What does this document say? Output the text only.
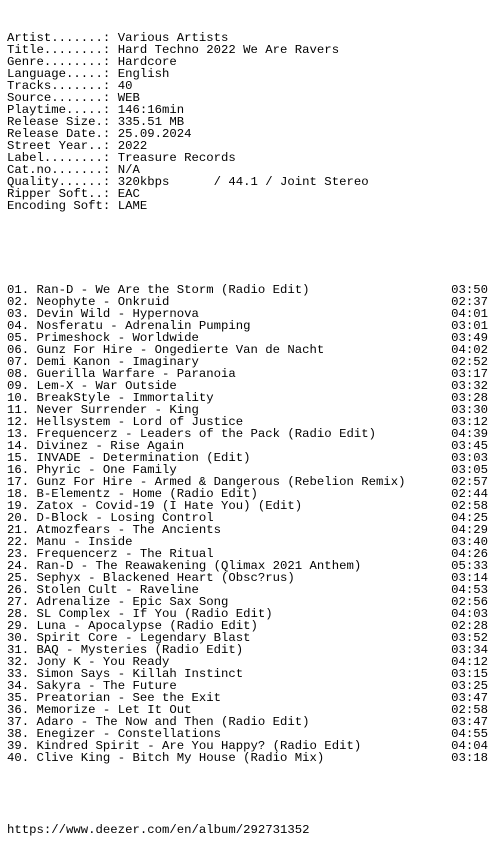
Artist.......: Various Artists
Title........: Hard Techno 2022 We Are Ravers
Genre........: Hardcore
Language.....: English
Tracks.......: 40
Source.......: WEB
Playtime.....: 146:16min
Release Size.: 335.51 MB
Release Date.: 25.09.2024
Street Year..: 2022
Label........: Treasure Records
Cat.no.......: N/A
Quality......: 320kbps      / 44.1 / Joint Stereo
Ripper Soft..: EAC
Encoding Soft: LAME

01. Ran-D - We Are the Storm (Radio Edit)	03:50
02. Neophyte - Onkruid	02:37
03. Devin Wild - Hypernova	04:01
04. Nosferatu - Adrenalin Pumping	03:01
05. Primeshock - Worldwide	03:49
06. Gunz For Hire - Ongedierte Van de Nacht	04:02
07. Demi Kanon - Imaginary	02:52
08. Guerilla Warfare - Paranoia	03:17
09. Lem-X - War Outside	03:32
10. BreakStyle - Immortality	03:28
11. Never Surrender - King	03:30
12. Hellsystem - Lord of Justice	03:12
13. Frequencerz - Leaders of the Pack (Radio Edit)	04:39
14. Divinez - Rise Again	03:45
15. INVADE - Determination (Edit)	03:03
16. Phyric - One Family	03:05
17. Gunz For Hire - Armed & Dangerous (Rebelion Remix)	02:57
18. B-Elementz - Home (Radio Edit)	02:44
19. Zatox - Covid-19 (I Hate You) (Edit)	02:58
20. D-Block - Losing Control	04:25
21. Atmozfears - The Ancients	04:29
22. Manu - Inside	03:40
23. Frequencerz - The Ritual	04:26
24. Ran-D - The Reawakening (Qlimax 2021 Anthem)	05:33
25. Sephyx - Blackened Heart (Obsc?rus)	03:14
26. Stolen Cult - Raveline	04:53
27. Adrenalize - Epic Sax Song	02:56
28. SL Complex - If You (Radio Edit)	04:03
29. Luna - Apocalypse (Radio Edit)	02:28
30. Spirit Core - Legendary Blast	03:52
31. BAQ - Mysteries (Radio Edit)	03:34
32. Jony K - You Ready	04:12
33. Simon Says - Killah Instinct	03:15
34. Sakyra - The Future	03:25
35. Preatorian - See the Exit	03:47
36. Memorize - Let It Out	02:58
37. Adaro - The Now and Then (Radio Edit)	03:47
38. Enegizer - Constellations	04:55
39. Kindred Spirit - Are You Happy? (Radio Edit)	04:04
40. Clive King - Bitch My House (Radio Mix)	03:18

https://www.deezer.com/en/album/292731352
